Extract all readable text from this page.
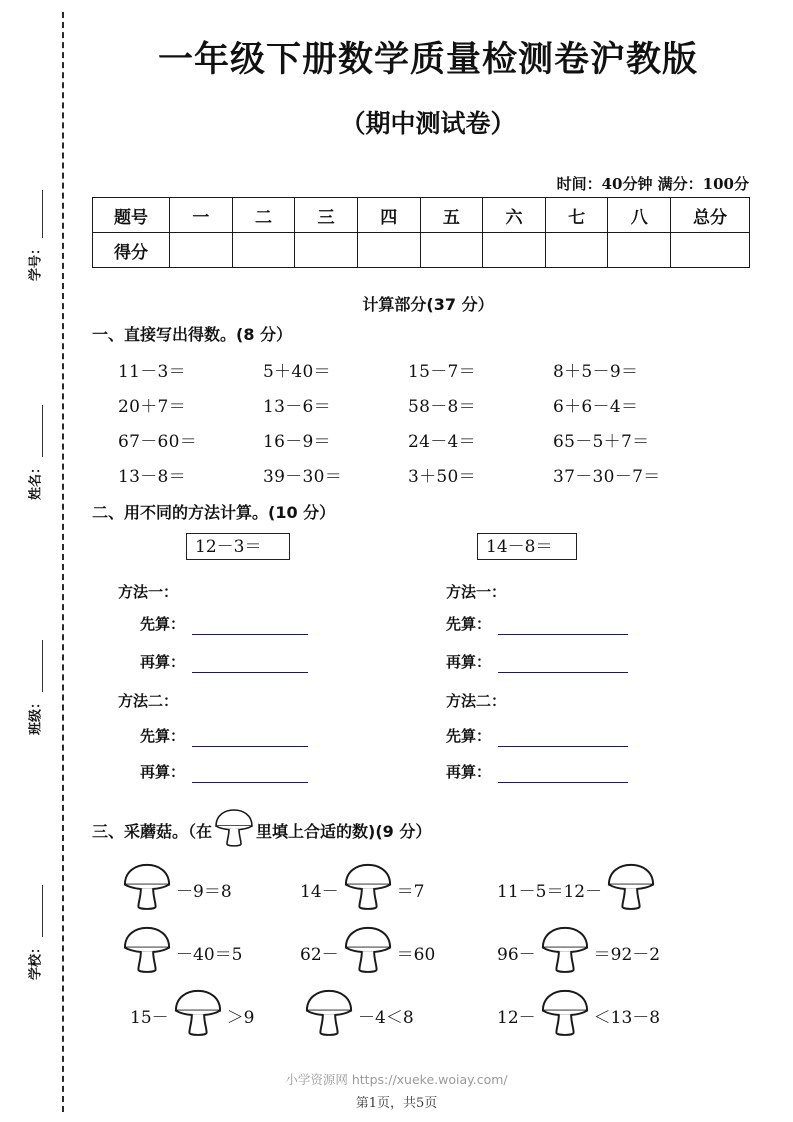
学号：
姓名：
班级：
学校：
一年级下册数学质量检测卷沪教版
（期中测试卷）
时间：40分钟 满分：100分
题号	一	二	三	四	五	六	七	八	总分
得分									
计算部分(37 分）
一、直接写出得数。(8 分）
11－3＝	5＋40＝	15－7＝	8＋5－9＝
20＋7＝	13－6＝	58－8＝	6＋6－4＝
67－60＝	16－9＝	24－4＝	65－5＋7＝
13－8＝	39－30＝	3＋50＝	37－30－7＝
二、用不同的方法计算。(10 分）
12－3＝	14－8＝
方法一：
先算：
再算：
方法二：
先算：
再算：
方法一：
先算：
再算：
方法二：
先算：
再算：
三、采蘑菇。（在	里填上合适的数)(9 分）
－9＝8	14－	＝7	11－5＝12－
－40＝5	62－	＝60	96－	＝92－2
15－	＞9	－4＜8	12－	＜13－8
小学资源网 https://xueke.woiay.com/
第1页，共5页
